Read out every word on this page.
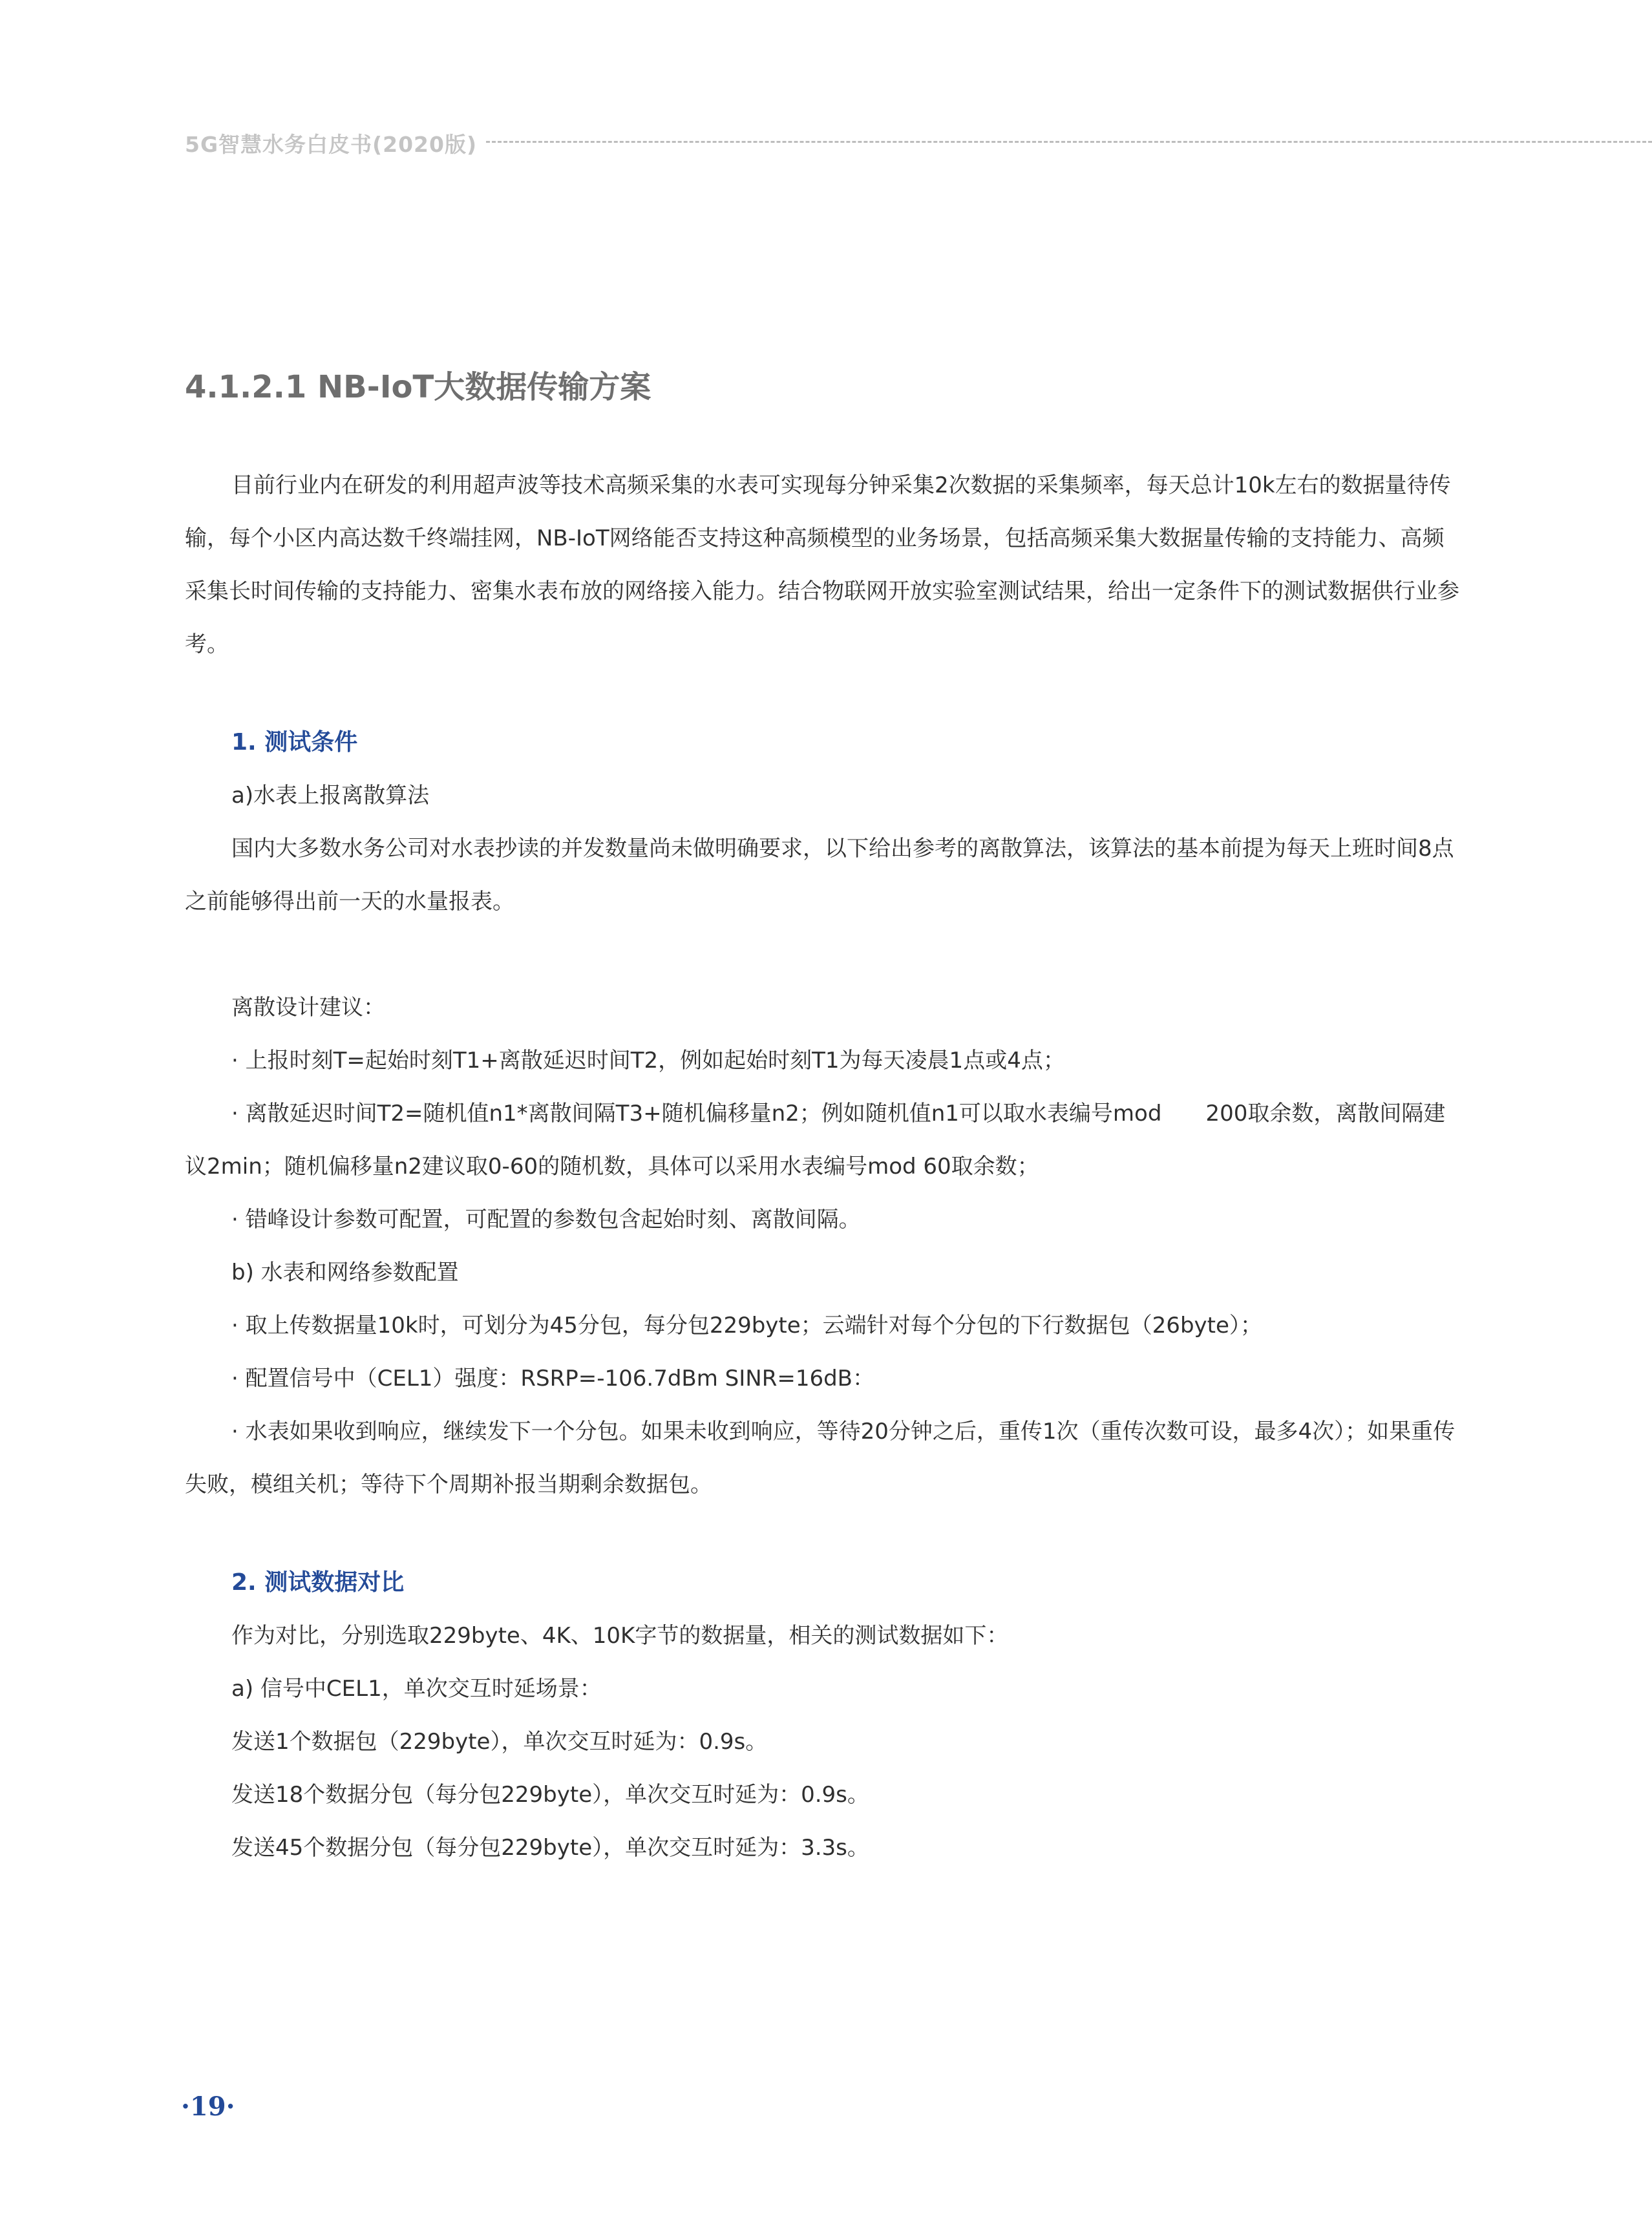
5G智慧水务白皮书(2020版)
4.1.2.1 NB-IoT大数据传输方案

目前行业内在研发的利用超声波等技术高频采集的水表可实现每分钟采集2次数据的采集频率，每天总计10k左右的数据量待传输，每个小区内高达数千终端挂网，NB-IoT网络能否支持这种高频模型的业务场景，包括高频采集大数据量传输的支持能力、高频采集长时间传输的支持能力、密集水表布放的网络接入能力。结合物联网开放实验室测试结果，给出一定条件下的测试数据供行业参考。

1. 测试条件

a)水表上报离散算法

国内大多数水务公司对水表抄读的并发数量尚未做明确要求，以下给出参考的离散算法，该算法的基本前提为每天上班时间8点之前能够得出前一天的水量报表。

离散设计建议：

· 上报时刻T=起始时刻T1+离散延迟时间T2，例如起始时刻T1为每天凌晨1点或4点；

· 离散延迟时间T2=随机值n1*离散间隔T3+随机偏移量n2；例如随机值n1可以取水表编号mod　　200取余数，离散间隔建议2min；随机偏移量n2建议取0-60的随机数，具体可以采用水表编号mod 60取余数；

· 错峰设计参数可配置，可配置的参数包含起始时刻、离散间隔。

b) 水表和网络参数配置

· 取上传数据量10k时，可划分为45分包，每分包229byte；云端针对每个分包的下行数据包（26byte）；

· 配置信号中（CEL1）强度：RSRP=-106.7dBm SINR=16dB：

· 水表如果收到响应，继续发下一个分包。如果未收到响应，等待20分钟之后，重传1次（重传次数可设，最多4次）；如果重传失败，模组关机；等待下个周期补报当期剩余数据包。

2. 测试数据对比

作为对比，分别选取229byte、4K、10K字节的数据量，相关的测试数据如下：

a) 信号中CEL1，单次交互时延场景：

发送1个数据包（229byte），单次交互时延为：0.9s。

发送18个数据分包（每分包229byte），单次交互时延为：0.9s。

发送45个数据分包（每分包229byte），单次交互时延为：3.3s。

·19·
